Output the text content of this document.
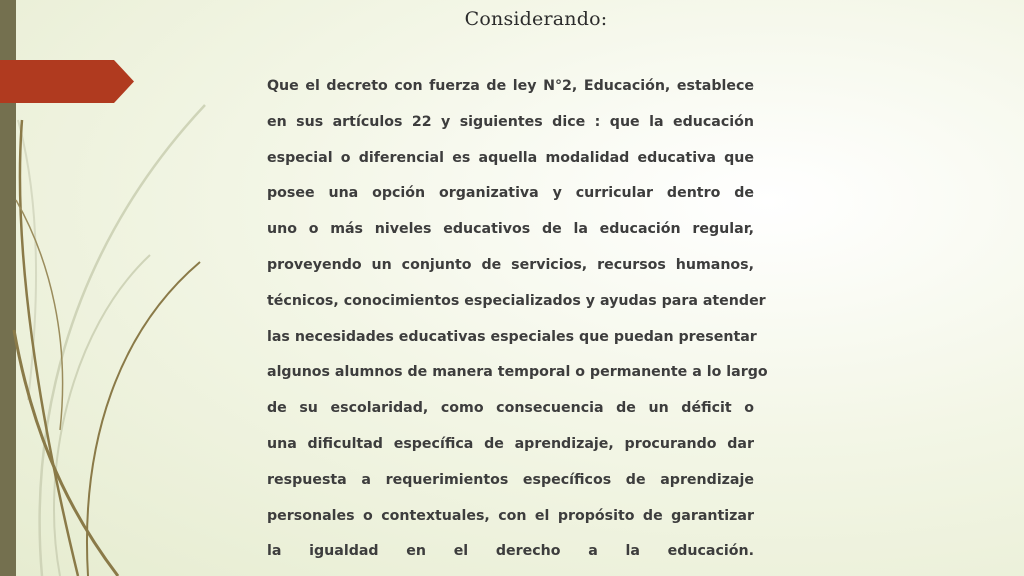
Considerando:
Que el decreto con fuerza de ley N°2, Educación, establece
en sus artículos 22 y siguientes dice : que la educación
especial o diferencial es aquella modalidad educativa que
posee una opción organizativa y curricular dentro de
uno o más niveles educativos de la educación regular,
proveyendo un conjunto de servicios, recursos humanos,
técnicos, conocimientos especializados y ayudas para atender
las necesidades educativas especiales que puedan presentar
algunos alumnos de manera temporal o permanente a lo largo
de su escolaridad, como consecuencia de un déficit o
una dificultad específica de aprendizaje, procurando dar
respuesta a requerimientos específicos de aprendizaje
personales o contextuales, con el propósito de garantizar
la igualdad en el derecho a la educación.
